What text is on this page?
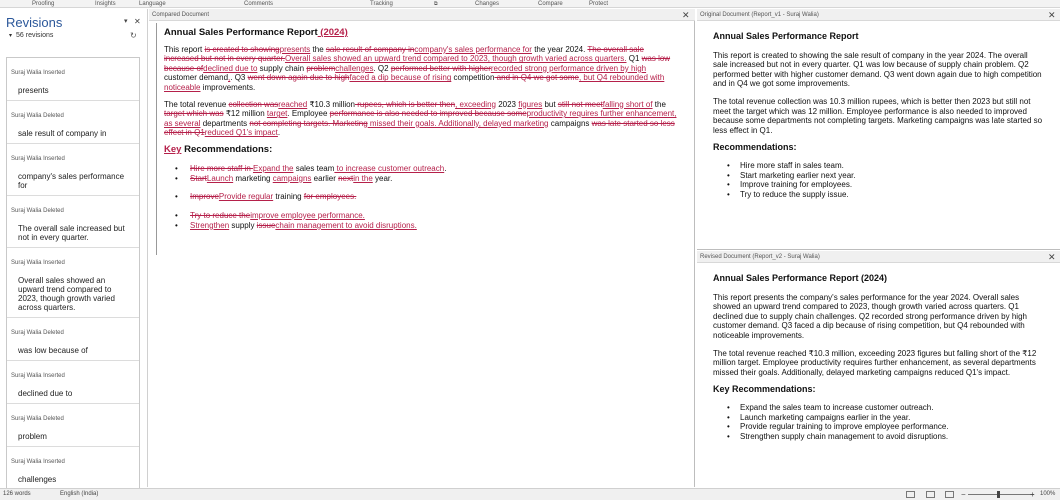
Proofing	Insights	Language	Comments	Tracking	⧉	Changes	Compare	Protect
Revisions	▾ ✕
▾ 56 revisions	↻
Suraj Walia Inserted
presents
Suraj Walia Deleted
sale result of company in
Suraj Walia Inserted
company's sales performance for
Suraj Walia Deleted
The overall sale increased but not in every quarter.
Suraj Walia Inserted
Overall sales showed an upward trend compared to 2023, though growth varied across quarters.
Suraj Walia Deleted
was low because of
Suraj Walia Inserted
declined due to
Suraj Walia Deleted
problem
Suraj Walia Inserted
challenges
Compared Document	✕
Annual Sales Performance Report (2024)

This report is created to showingpresents the sale result of company incompany's sales performance for the year 2024. The overall sale increased but not in every quarter.Overall sales showed an upward trend compared to 2023, though growth varied across quarters. Q1 was low because ofdeclined due to supply chain problemchallenges. Q2 performed better with higherrecorded strong performance driven by high customer demand,. Q3 went down again due to highfaced a dip because of rising competition and in Q4 we got some, but Q4 rebounded with noticeable improvements.

The total revenue collection wasreached ₹10.3 million rupees, which is better then, exceeding 2023 figures but still not meetfalling short of the target which was ₹12 million target. Employee performance is also needed to improved because someproductivity requires further enhancement, as several departments not completing targets. Marketing missed their goals. Additionally, delayed marketing campaigns was late started so less effect in Q1reduced Q1's impact.

Key Recommendations:
• Hire more staff in Expand the sales team to increase customer outreach.
• StartLaunch marketing campaigns earlier nextin the year.
• ImproveProvide regular training for employees.
• Try to reduce theimprove employee performance.
• Strengthen supply issuechain management to avoid disruptions.
Original Document (Report_v1 - Suraj Walia)	✕
Annual Sales Performance Report

This report is created to showing the sale result of company in the year 2024. The overall sale increased but not in every quarter. Q1 was low because of supply chain problem. Q2 performed better with higher customer demand. Q3 went down again due to high competition and in Q4 we got some improvements.

The total revenue collection was 10.3 million rupees, which is better then 2023 but still not meet the target which was 12 million. Employee performance is also needed to improved because some departments not completing targets. Marketing campaigns was late started so less effect in Q1.

Recommendations:
• Hire more staff in sales team.
• Start marketing earlier next year.
• Improve training for employees.
• Try to reduce the supply issue.
Revised Document (Report_v2 - Suraj Walia)	✕
Annual Sales Performance Report (2024)

This report presents the company's sales performance for the year 2024. Overall sales showed an upward trend compared to 2023, though growth varied across quarters. Q1 declined due to supply chain challenges. Q2 recorded strong performance driven by high customer demand. Q3 faced a dip because of rising competition, but Q4 rebounded with noticeable improvements.

The total revenue reached ₹10.3 million, exceeding 2023 figures but falling short of the ₹12 million target. Employee productivity requires further enhancement, as several departments missed their goals. Additionally, delayed marketing campaigns reduced Q1's impact.

Key Recommendations:
• Expand the sales team to increase customer outreach.
• Launch marketing campaigns earlier in the year.
• Provide regular training to improve employee performance.
• Strengthen supply chain management to avoid disruptions.
126 words	English (India)	−	+ 100%
